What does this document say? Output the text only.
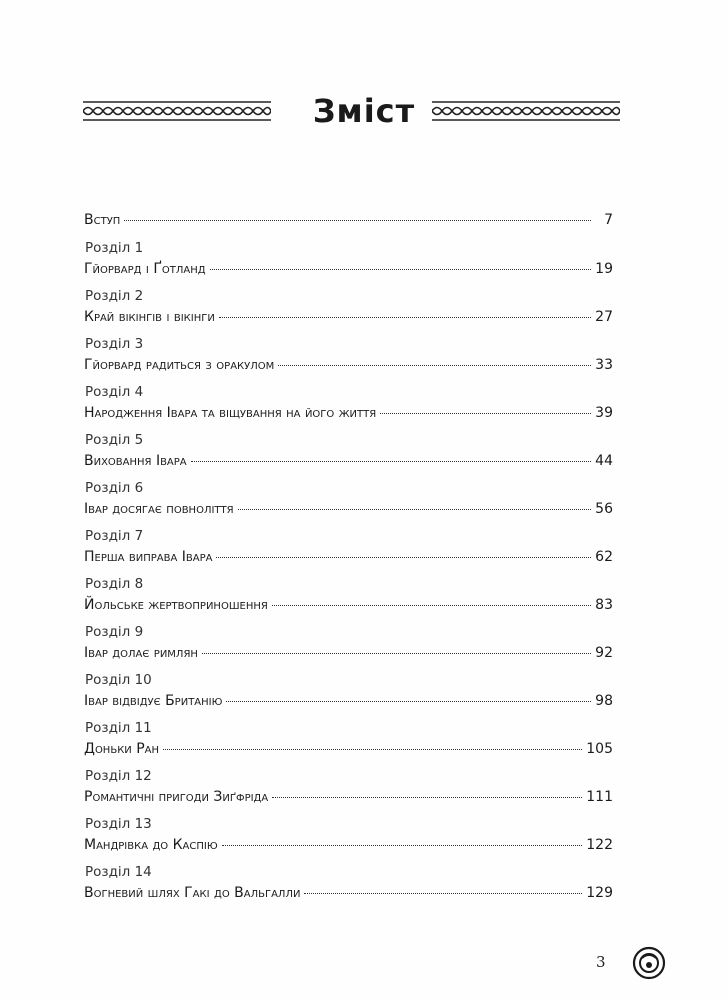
Зміст
Вступ	7
Розділ 1
Гйорвард і Ґотланд	19
Розділ 2
Край вікінгів і вікінги	27
Розділ 3
Гйорвард радиться з оракулом	33
Розділ 4
Народження Івара та віщування на його життя	39
Розділ 5
Виховання Івара	44
Розділ 6
Івар досягає повноліття	56
Розділ 7
Перша виправа Івара	62
Розділ 8
Йольське жертвоприношення	83
Розділ 9
Івар долає римлян	92
Розділ 10
Івар відвідує Британію	98
Розділ 11
Доньки Ран	105
Розділ 12
Романтичні пригоди Зиґфріда	111
Розділ 13
Мандрівка до Каспію	122
Розділ 14
Вогневий шлях Гакі до Вальгалли	129
3
